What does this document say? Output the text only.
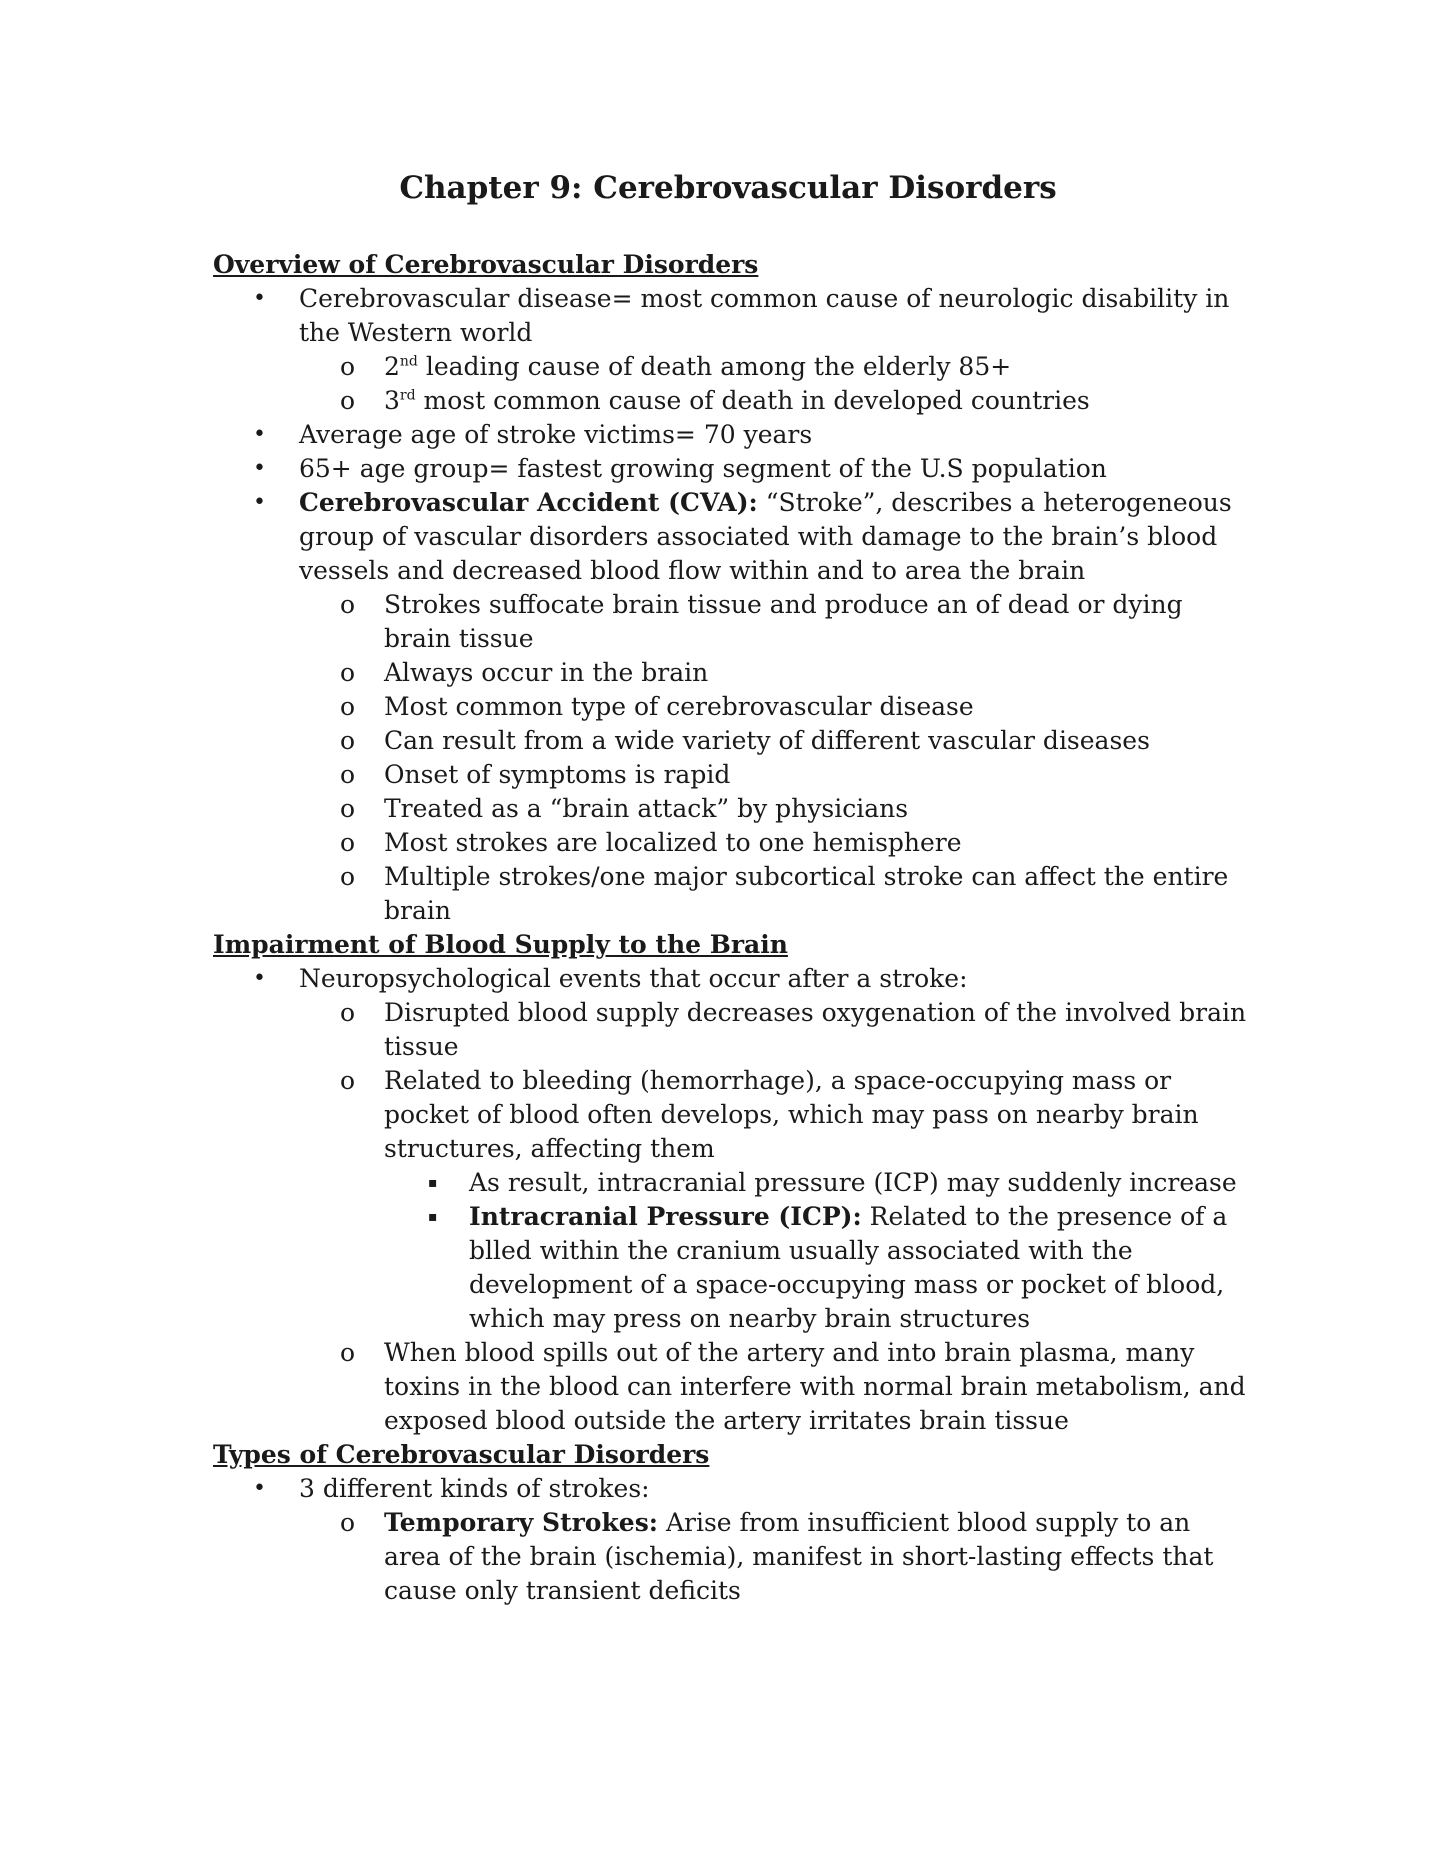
Chapter 9: Cerebrovascular Disorders

Overview of Cerebrovascular Disorders

• Cerebrovascular disease= most common cause of neurologic disability in the Western world
o 2nd leading cause of death among the elderly 85+
o 3rd most common cause of death in developed countries
• Average age of stroke victims= 70 years
• 65+ age group= fastest growing segment of the U.S population
• Cerebrovascular Accident (CVA): “Stroke”, describes a heterogeneous group of vascular disorders associated with damage to the brain’s blood vessels and decreased blood flow within and to area the brain
o Strokes suffocate brain tissue and produce an of dead or dying brain tissue
o Always occur in the brain
o Most common type of cerebrovascular disease
o Can result from a wide variety of different vascular diseases
o Onset of symptoms is rapid
o Treated as a “brain attack” by physicians
o Most strokes are localized to one hemisphere
o Multiple strokes/one major subcortical stroke can affect the entire brain

Impairment of Blood Supply to the Brain

• Neuropsychological events that occur after a stroke:
o Disrupted blood supply decreases oxygenation of the involved brain tissue
o Related to bleeding (hemorrhage), a space-occupying mass or pocket of blood often develops, which may pass on nearby brain structures, affecting them
▪ As result, intracranial pressure (ICP) may suddenly increase
▪ Intracranial Pressure (ICP): Related to the presence of a blled within the cranium usually associated with the development of a space-occupying mass or pocket of blood, which may press on nearby brain structures
o When blood spills out of the artery and into brain plasma, many toxins in the blood can interfere with normal brain metabolism, and exposed blood outside the artery irritates brain tissue

Types of Cerebrovascular Disorders

• 3 different kinds of strokes:
o Temporary Strokes: Arise from insufficient blood supply to an area of the brain (ischemia), manifest in short-lasting effects that cause only transient deficits
